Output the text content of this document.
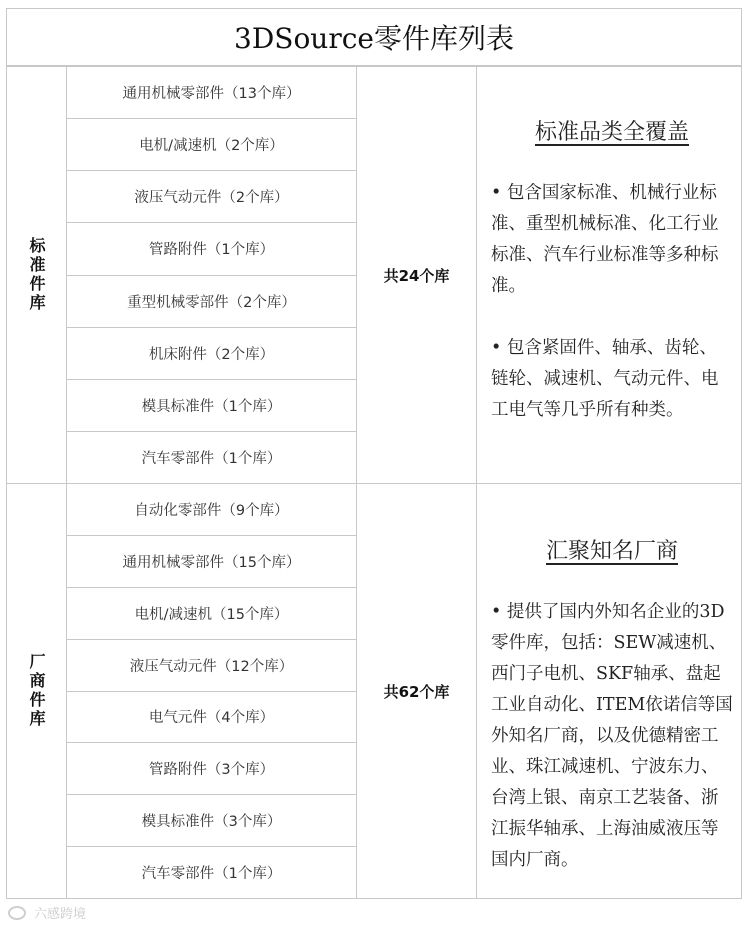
3DSource零件库列表
标准件库
通用机械零部件（13个库）
电机/减速机（2个库）
液压气动元件（2个库）
管路附件（1个库）
重型机械零部件（2个库）
机床附件（2个库）
模具标准件（1个库）
汽车零部件（1个库）
共24个库
标准品类全覆盖

• 包含国家标准、机械行业标准、重型机械标准、化工行业标准、汽车行业标准等多种标准。

• 包含紧固件、轴承、齿轮、链轮、减速机、气动元件、电工电气等几乎所有种类。

厂商件库
自动化零部件（9个库）
通用机械零部件（15个库）
电机/减速机（15个库）
液压气动元件（12个库）
电气元件（4个库）
管路附件（3个库）
模具标准件（3个库）
汽车零部件（1个库）
共62个库
汇聚知名厂商

• 提供了国内外知名企业的3D零件库，包括：SEW减速机、西门子电机、SKF轴承、盘起工业自动化、ITEM依诺信等国外知名厂商，以及优德精密工业、珠江减速机、宁波东力、台湾上银、南京工艺装备、浙江振华轴承、上海油威液压等国内厂商。

六感跨境
